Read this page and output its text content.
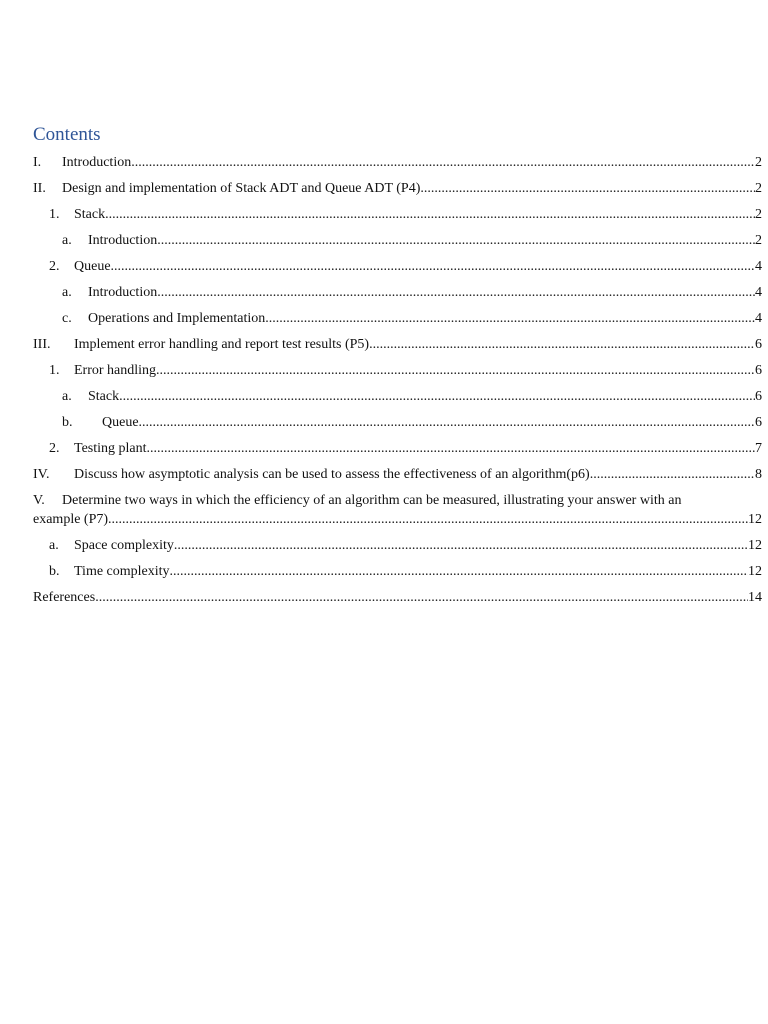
Contents
I.	Introduction .....	2
II.	Design and implementation of Stack ADT and Queue ADT (P4) .....	2
1.	Stack .....	2
a.	Introduction .....	2
2.	Queue .....	4
a.	Introduction .....	4
c.	Operations and Implementation .....	4
III.	Implement error handling and report test results (P5) .....	6
1.	Error handling .....	6
a.	Stack .....	6
b.	Queue .....	6
2.	Testing plant .....	7
IV.	Discuss how asymptotic analysis can be used to assess the effectiveness of an algorithm(p6) .....	8
V. Determine two ways in which the efficiency of an algorithm can be measured, illustrating your answer with an
example (P7) .....	12
a.	Space complexity .....	12
b.	Time complexity .....	12
References .....	14
